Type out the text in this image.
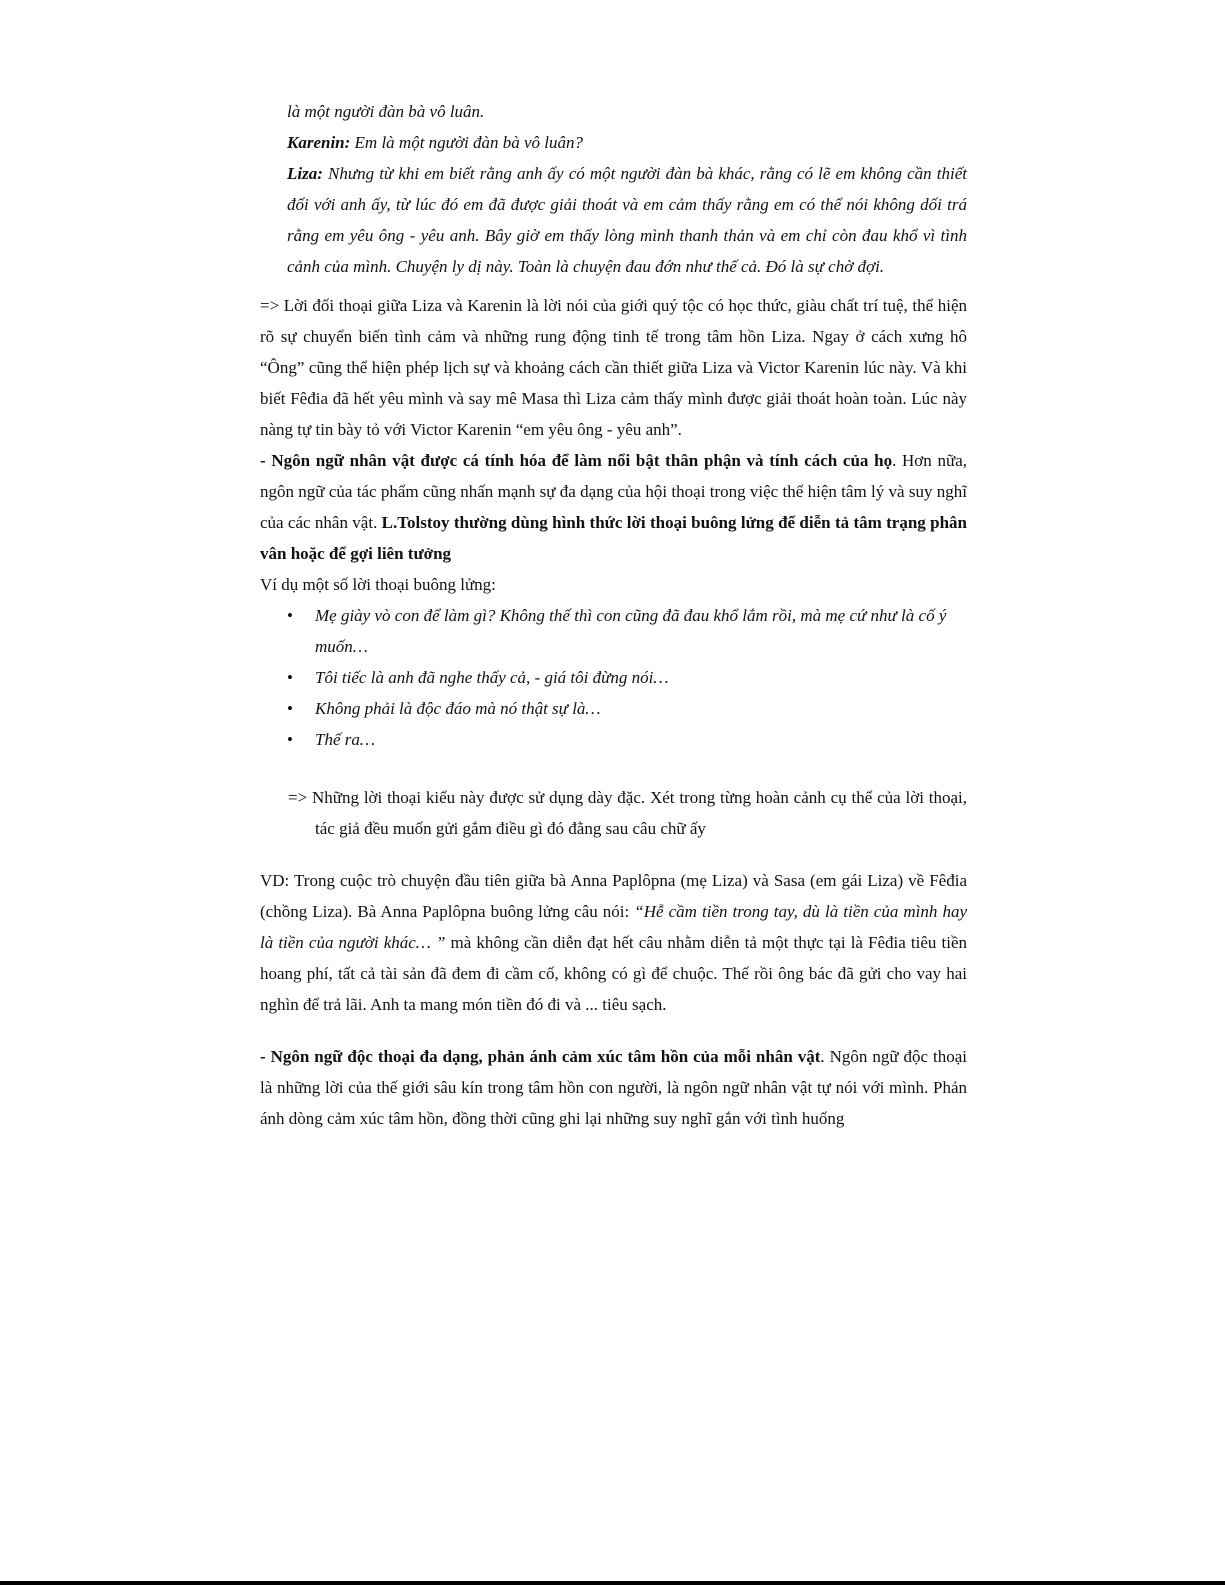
là một người đàn bà vô luân.

Karenin: Em là một người đàn bà vô luân?

Liza: Nhưng từ khi em biết rằng anh ấy có một người đàn bà khác, rằng có lẽ em không cần thiết đối với anh ấy, từ lúc đó em đã được giải thoát và em cảm thấy rằng em có thể nói không dối trá rằng em yêu ông - yêu anh. Bây giờ em thấy lòng mình thanh thản và em chỉ còn đau khổ vì tình cảnh của mình. Chuyện ly dị này. Toàn là chuyện đau đớn như thế cả. Đó là sự chờ đợi.

=> Lời đối thoại giữa Liza và Karenin là lời nói của giới quý tộc có học thức, giàu chất trí tuệ, thể hiện rõ sự chuyển biến tình cảm và những rung động tinh tế trong tâm hồn Liza. Ngay ở cách xưng hô “Ông” cũng thể hiện phép lịch sự và khoảng cách cần thiết giữa Liza và Victor Karenin lúc này. Và khi biết Fêđia đã hết yêu mình và say mê Masa thì Liza cảm thấy mình được giải thoát hoàn toàn. Lúc này nàng tự tin bày tỏ với Victor Karenin “em yêu ông - yêu anh”.

- Ngôn ngữ nhân vật được cá tính hóa để làm nổi bật thân phận và tính cách của họ. Hơn nữa, ngôn ngữ của tác phẩm cũng nhấn mạnh sự đa dạng của hội thoại trong việc thể hiện tâm lý và suy nghĩ của các nhân vật. L.Tolstoy thường dùng hình thức lời thoại buông lửng để diễn tả tâm trạng phân vân hoặc để gợi liên tưởng

Ví dụ một số lời thoại buông lửng:

• Mẹ giày vò con để làm gì? Không thế thì con cũng đã đau khổ lắm rồi, mà mẹ cứ như là cố ý muốn…
• Tôi tiếc là anh đã nghe thấy cả, - giá tôi đừng nói…
• Không phải là độc đáo mà nó thật sự là…
• Thế ra…

=> Những lời thoại kiểu này được sử dụng dày đặc. Xét trong từng hoàn cảnh cụ thể của lời thoại, tác giả đều muốn gửi gắm điều gì đó đằng sau câu chữ ấy

VD: Trong cuộc trò chuyện đầu tiên giữa bà Anna Paplôpna (mẹ Liza) và Sasa (em gái Liza) về Fêđia (chồng Liza). Bà Anna Paplôpna buông lửng câu nói: “Hễ cầm tiền trong tay, dù là tiền của mình hay là tiền của người khác… ” mà không cần diễn đạt hết câu nhằm diễn tả một thực tại là Fêđia tiêu tiền hoang phí, tất cả tài sản đã đem đi cầm cố, không có gì để chuộc. Thế rồi ông bác đã gửi cho vay hai nghìn để trả lãi. Anh ta mang món tiền đó đi và ... tiêu sạch.

- Ngôn ngữ độc thoại đa dạng, phản ánh cảm xúc tâm hồn của mỗi nhân vật. Ngôn ngữ độc thoại là những lời của thế giới sâu kín trong tâm hồn con người, là ngôn ngữ nhân vật tự nói với mình. Phản ánh dòng cảm xúc tâm hồn, đồng thời cũng ghi lại những suy nghĩ gắn với tình huống
